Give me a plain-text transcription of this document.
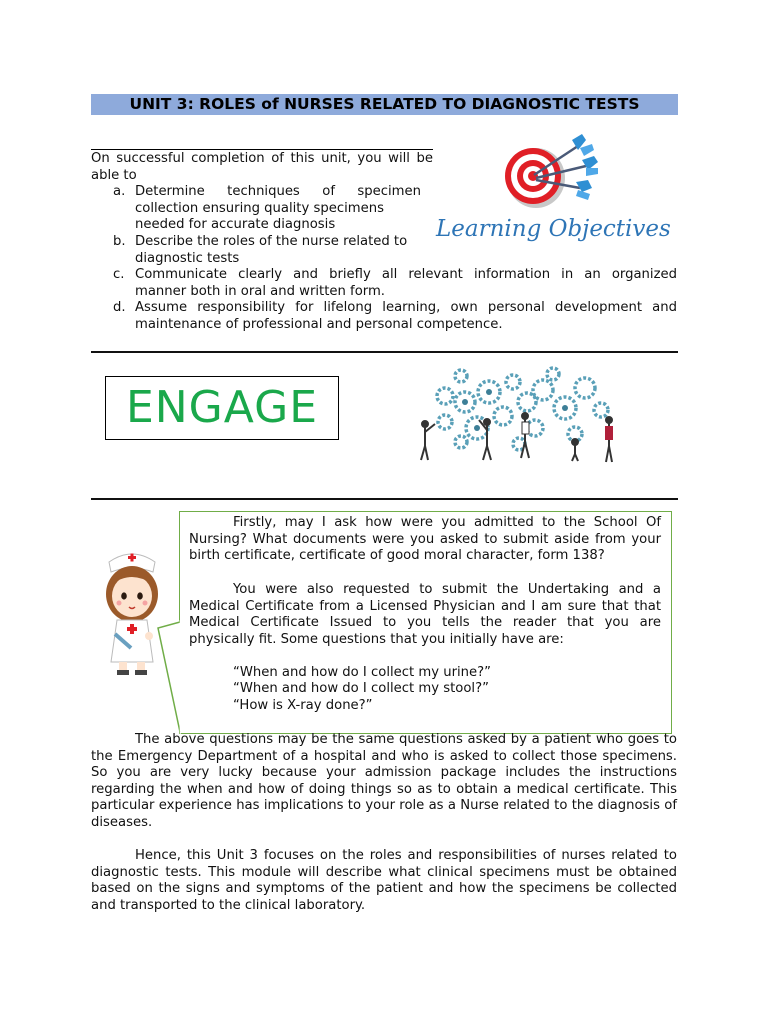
UNIT 3: ROLES of NURSES RELATED TO DIAGNOSTIC TESTS
On successful completion of this unit, you will be able to
a. Determine techniques of specimen collection ensuring quality specimens
needed for accurate diagnosis
b. Describe the roles of the nurse related to
diagnostic tests
c. Communicate clearly and briefly all relevant information in an organized
manner both in oral and written form.
d. Assume responsibility for lifelong learning, own personal development and
maintenance of professional and personal competence.
Learning Objectives
ENGAGE
Firstly, may I ask how were you admitted to the School Of Nursing? What documents were you asked to submit aside from your birth certificate, certificate of good moral character, form 138?
You were also requested to submit the Undertaking and a Medical Certificate from a Licensed Physician and I am sure that that Medical Certificate Issued to you tells the reader that you are physically fit. Some questions that you initially have are:
“When and how do I collect my urine?”
“When and how do I collect my stool?”
“How is X-ray done?”
The above questions may be the same questions asked by a patient who goes to the Emergency Department of a hospital and who is asked to collect those specimens. So you are very lucky because your admission package includes the instructions regarding the when and how of doing things so as to obtain a medical certificate. This particular experience has implications to your role as a Nurse related to the diagnosis of diseases.
Hence, this Unit 3 focuses on the roles and responsibilities of nurses related to diagnostic tests. This module will describe what clinical specimens must be obtained based on the signs and symptoms of the patient and how the specimens be collected and transported to the clinical laboratory.
